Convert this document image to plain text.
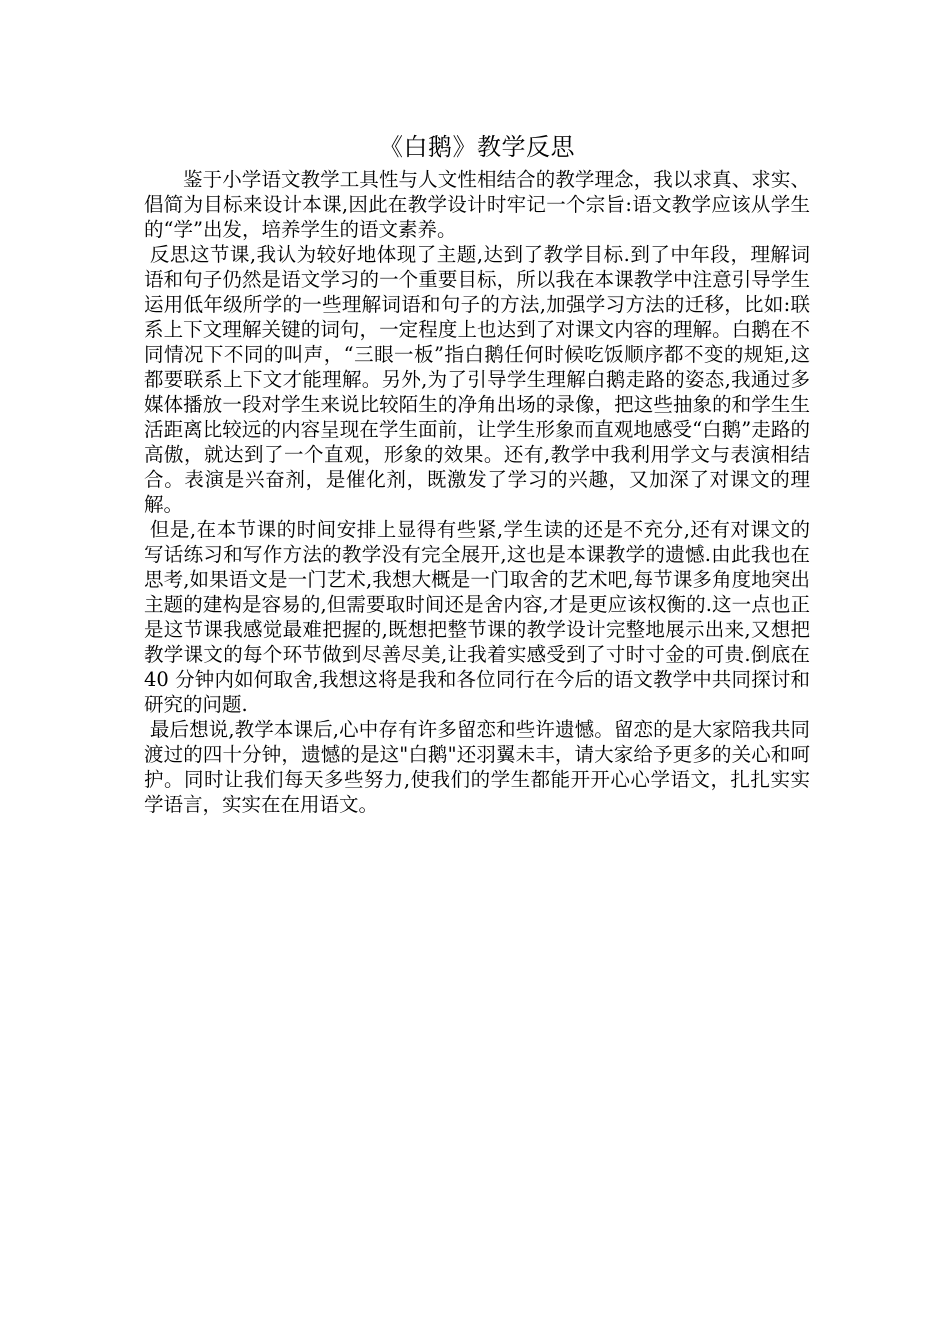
《白鹅》教学反思

鉴于小学语文教学工具性与人文性相结合的教学理念，我以求真、求实、倡简为目标来设计本课,因此在教学设计时牢记一个宗旨:语文教学应该从学生的“学”出发，培养学生的语文素养。

反思这节课,我认为较好地体现了主题,达到了教学目标.到了中年段，理解词语和句子仍然是语文学习的一个重要目标，所以我在本课教学中注意引导学生运用低年级所学的一些理解词语和句子的方法,加强学习方法的迁移，比如:联系上下文理解关键的词句，一定程度上也达到了对课文内容的理解。白鹅在不同情况下不同的叫声，“三眼一板”指白鹅任何时候吃饭顺序都不变的规矩,这都要联系上下文才能理解。另外,为了引导学生理解白鹅走路的姿态,我通过多媒体播放一段对学生来说比较陌生的净角出场的录像，把这些抽象的和学生生活距离比较远的内容呈现在学生面前，让学生形象而直观地感受“白鹅”走路的高傲，就达到了一个直观，形象的效果。还有,教学中我利用学文与表演相结合。表演是兴奋剂，是催化剂，既激发了学习的兴趣，又加深了对课文的理解。

但是,在本节课的时间安排上显得有些紧,学生读的还是不充分,还有对课文的写话练习和写作方法的教学没有完全展开,这也是本课教学的遗憾.由此我也在思考,如果语文是一门艺术,我想大概是一门取舍的艺术吧,每节课多角度地突出主题的建构是容易的,但需要取时间还是舍内容,才是更应该权衡的.这一点也正是这节课我感觉最难把握的,既想把整节课的教学设计完整地展示出来,又想把教学课文的每个环节做到尽善尽美,让我着实感受到了寸时寸金的可贵.倒底在 40 分钟内如何取舍,我想这将是我和各位同行在今后的语文教学中共同探讨和研究的问题.

最后想说,教学本课后,心中存有许多留恋和些许遗憾。留恋的是大家陪我共同渡过的四十分钟，遗憾的是这"白鹅"还羽翼未丰，请大家给予更多的关心和呵护。同时让我们每天多些努力,使我们的学生都能开开心心学语文，扎扎实实学语言，实实在在用语文。
